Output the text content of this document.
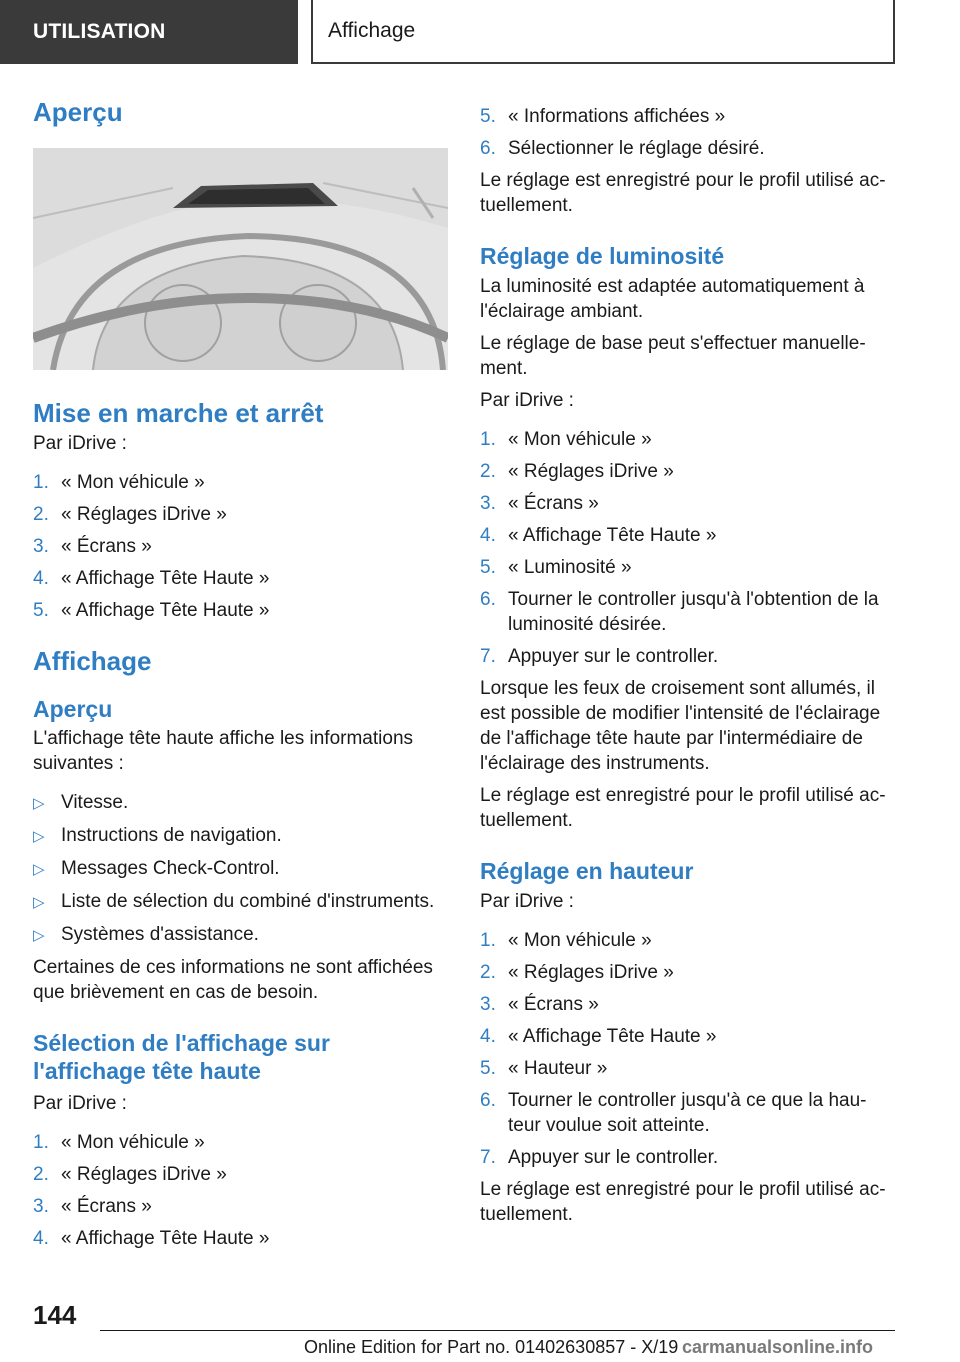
UTILISATION	Affichage
Aperçu
Mise en marche et arrêt

Par iDrive :

1. « Mon véhicule »
2. « Réglages iDrive »
3. « Écrans »
4. « Affichage Tête Haute »
5. « Affichage Tête Haute »
Affichage
Aperçu

L'affichage tête haute affiche les informations suivantes :

▷ Vitesse.
▷ Instructions de navigation.
▷ Messages Check-Control.
▷ Liste de sélection du combiné d'instruments.
▷ Systèmes d'assistance.

Certaines de ces informations ne sont affichées que brièvement en cas de besoin.

Sélection de l'affichage sur l'affichage tête haute

Par iDrive :

1. « Mon véhicule »
2. « Réglages iDrive »
3. « Écrans »
4. « Affichage Tête Haute »
5. « Informations affichées »
6. Sélectionner le réglage désiré.

Le réglage est enregistré pour le profil utilisé ac‐ tuellement.

Réglage de luminosité

La luminosité est adaptée automatiquement à l'éclairage ambiant.

Le réglage de base peut s'effectuer manuelle‐ ment.

Par iDrive :

1. « Mon véhicule »
2. « Réglages iDrive »
3. « Écrans »
4. « Affichage Tête Haute »
5. « Luminosité »
6. Tourner le controller jusqu'à l'obtention de la luminosité désirée.
7. Appuyer sur le controller.

Lorsque les feux de croisement sont allumés, il est possible de modifier l'intensité de l'éclairage de l'affichage tête haute par l'intermédiaire de l'éclairage des instruments.

Le réglage est enregistré pour le profil utilisé ac‐ tuellement.

Réglage en hauteur

Par iDrive :

1. « Mon véhicule »
2. « Réglages iDrive »
3. « Écrans »
4. « Affichage Tête Haute »
5. « Hauteur »
6. Tourner le controller jusqu'à ce que la hau‐ teur voulue soit atteinte.
7. Appuyer sur le controller.

Le réglage est enregistré pour le profil utilisé ac‐ tuellement.

144
Online Edition for Part no. 01402630857 - X/19 carmanualsonline.info
